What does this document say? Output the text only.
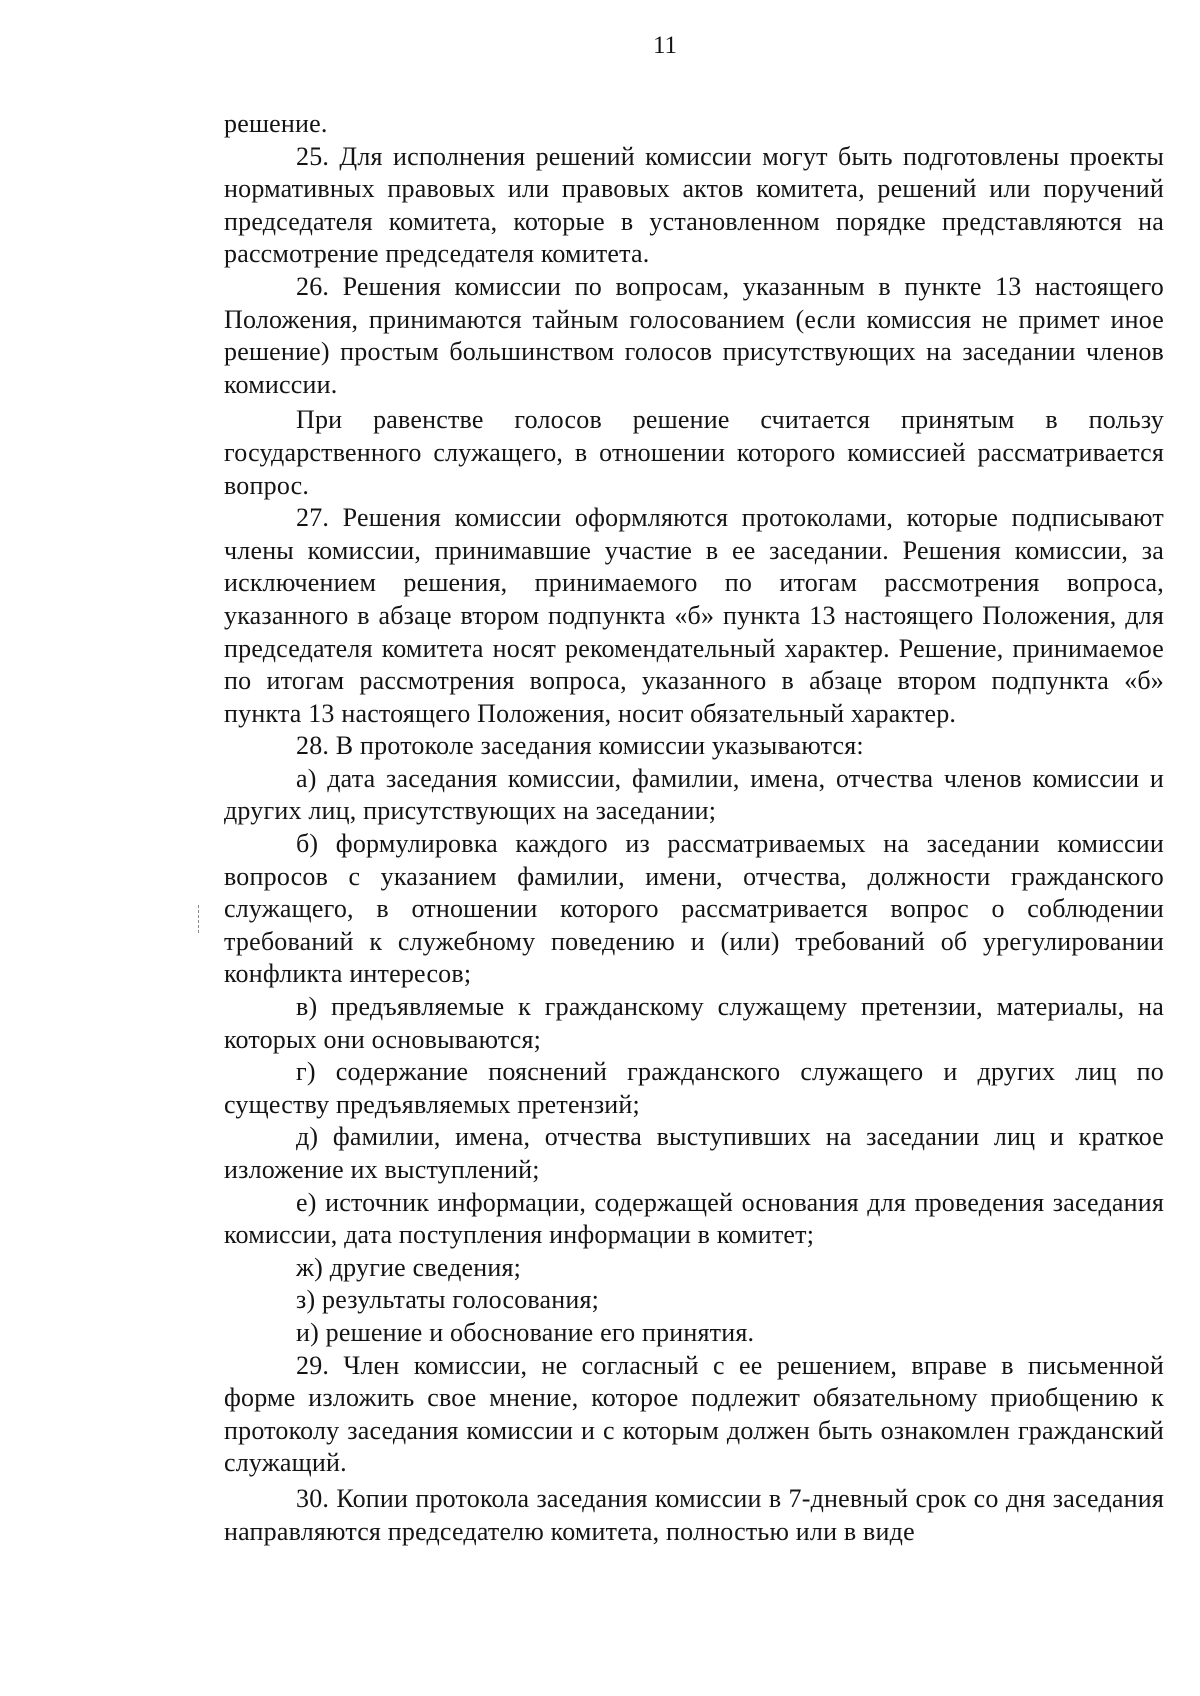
11

решение.

25. Для исполнения решений комиссии могут быть подготовлены проекты нормативных правовых или правовых актов комитета, решений или поручений председателя комитета, которые в установленном порядке представляются на рассмотрение председателя комитета.

26. Решения комиссии по вопросам, указанным в пункте 13 настоящего Положения, принимаются тайным голосованием (если комиссия не примет иное решение) простым большинством голосов присутствующих на заседании членов комиссии.

При равенстве голосов решение считается принятым в пользу государственного служащего, в отношении которого комиссией рассматривается вопрос.

27. Решения комиссии оформляются протоколами, которые подписывают члены комиссии, принимавшие участие в ее заседании. Решения комиссии, за исключением решения, принимаемого по итогам рассмотрения вопроса, указанного в абзаце втором подпункта «б» пункта 13 настоящего Положения, для председателя комитета носят рекомендательный характер. Решение, принимаемое по итогам рассмотрения вопроса, указанного в абзаце втором подпункта «б» пункта 13 настоящего Положения, носит обязательный характер.

28. В протоколе заседания комиссии указываются:

а) дата заседания комиссии, фамилии, имена, отчества членов комиссии и других лиц, присутствующих на заседании;

б) формулировка каждого из рассматриваемых на заседании комиссии вопросов с указанием фамилии, имени, отчества, должности гражданского служащего, в отношении которого рассматривается вопрос о соблюдении требований к служебному поведению и (или) требований об урегулировании конфликта интересов;

в) предъявляемые к гражданскому служащему претензии, материалы, на которых они основываются;

г) содержание пояснений гражданского служащего и других лиц по существу предъявляемых претензий;

д) фамилии, имена, отчества выступивших на заседании лиц и краткое изложение их выступлений;

е) источник информации, содержащей основания для проведения заседания комиссии, дата поступления информации в комитет;

ж) другие сведения;

з) результаты голосования;

и) решение и обоснование его принятия.

29. Член комиссии, не согласный с ее решением, вправе в письменной форме изложить свое мнение, которое подлежит обязательному приобщению к протоколу заседания комиссии и с которым должен быть ознакомлен гражданский служащий.

30. Копии протокола заседания комиссии в 7-дневный срок со дня заседания направляются председателю комитета, полностью или в виде
